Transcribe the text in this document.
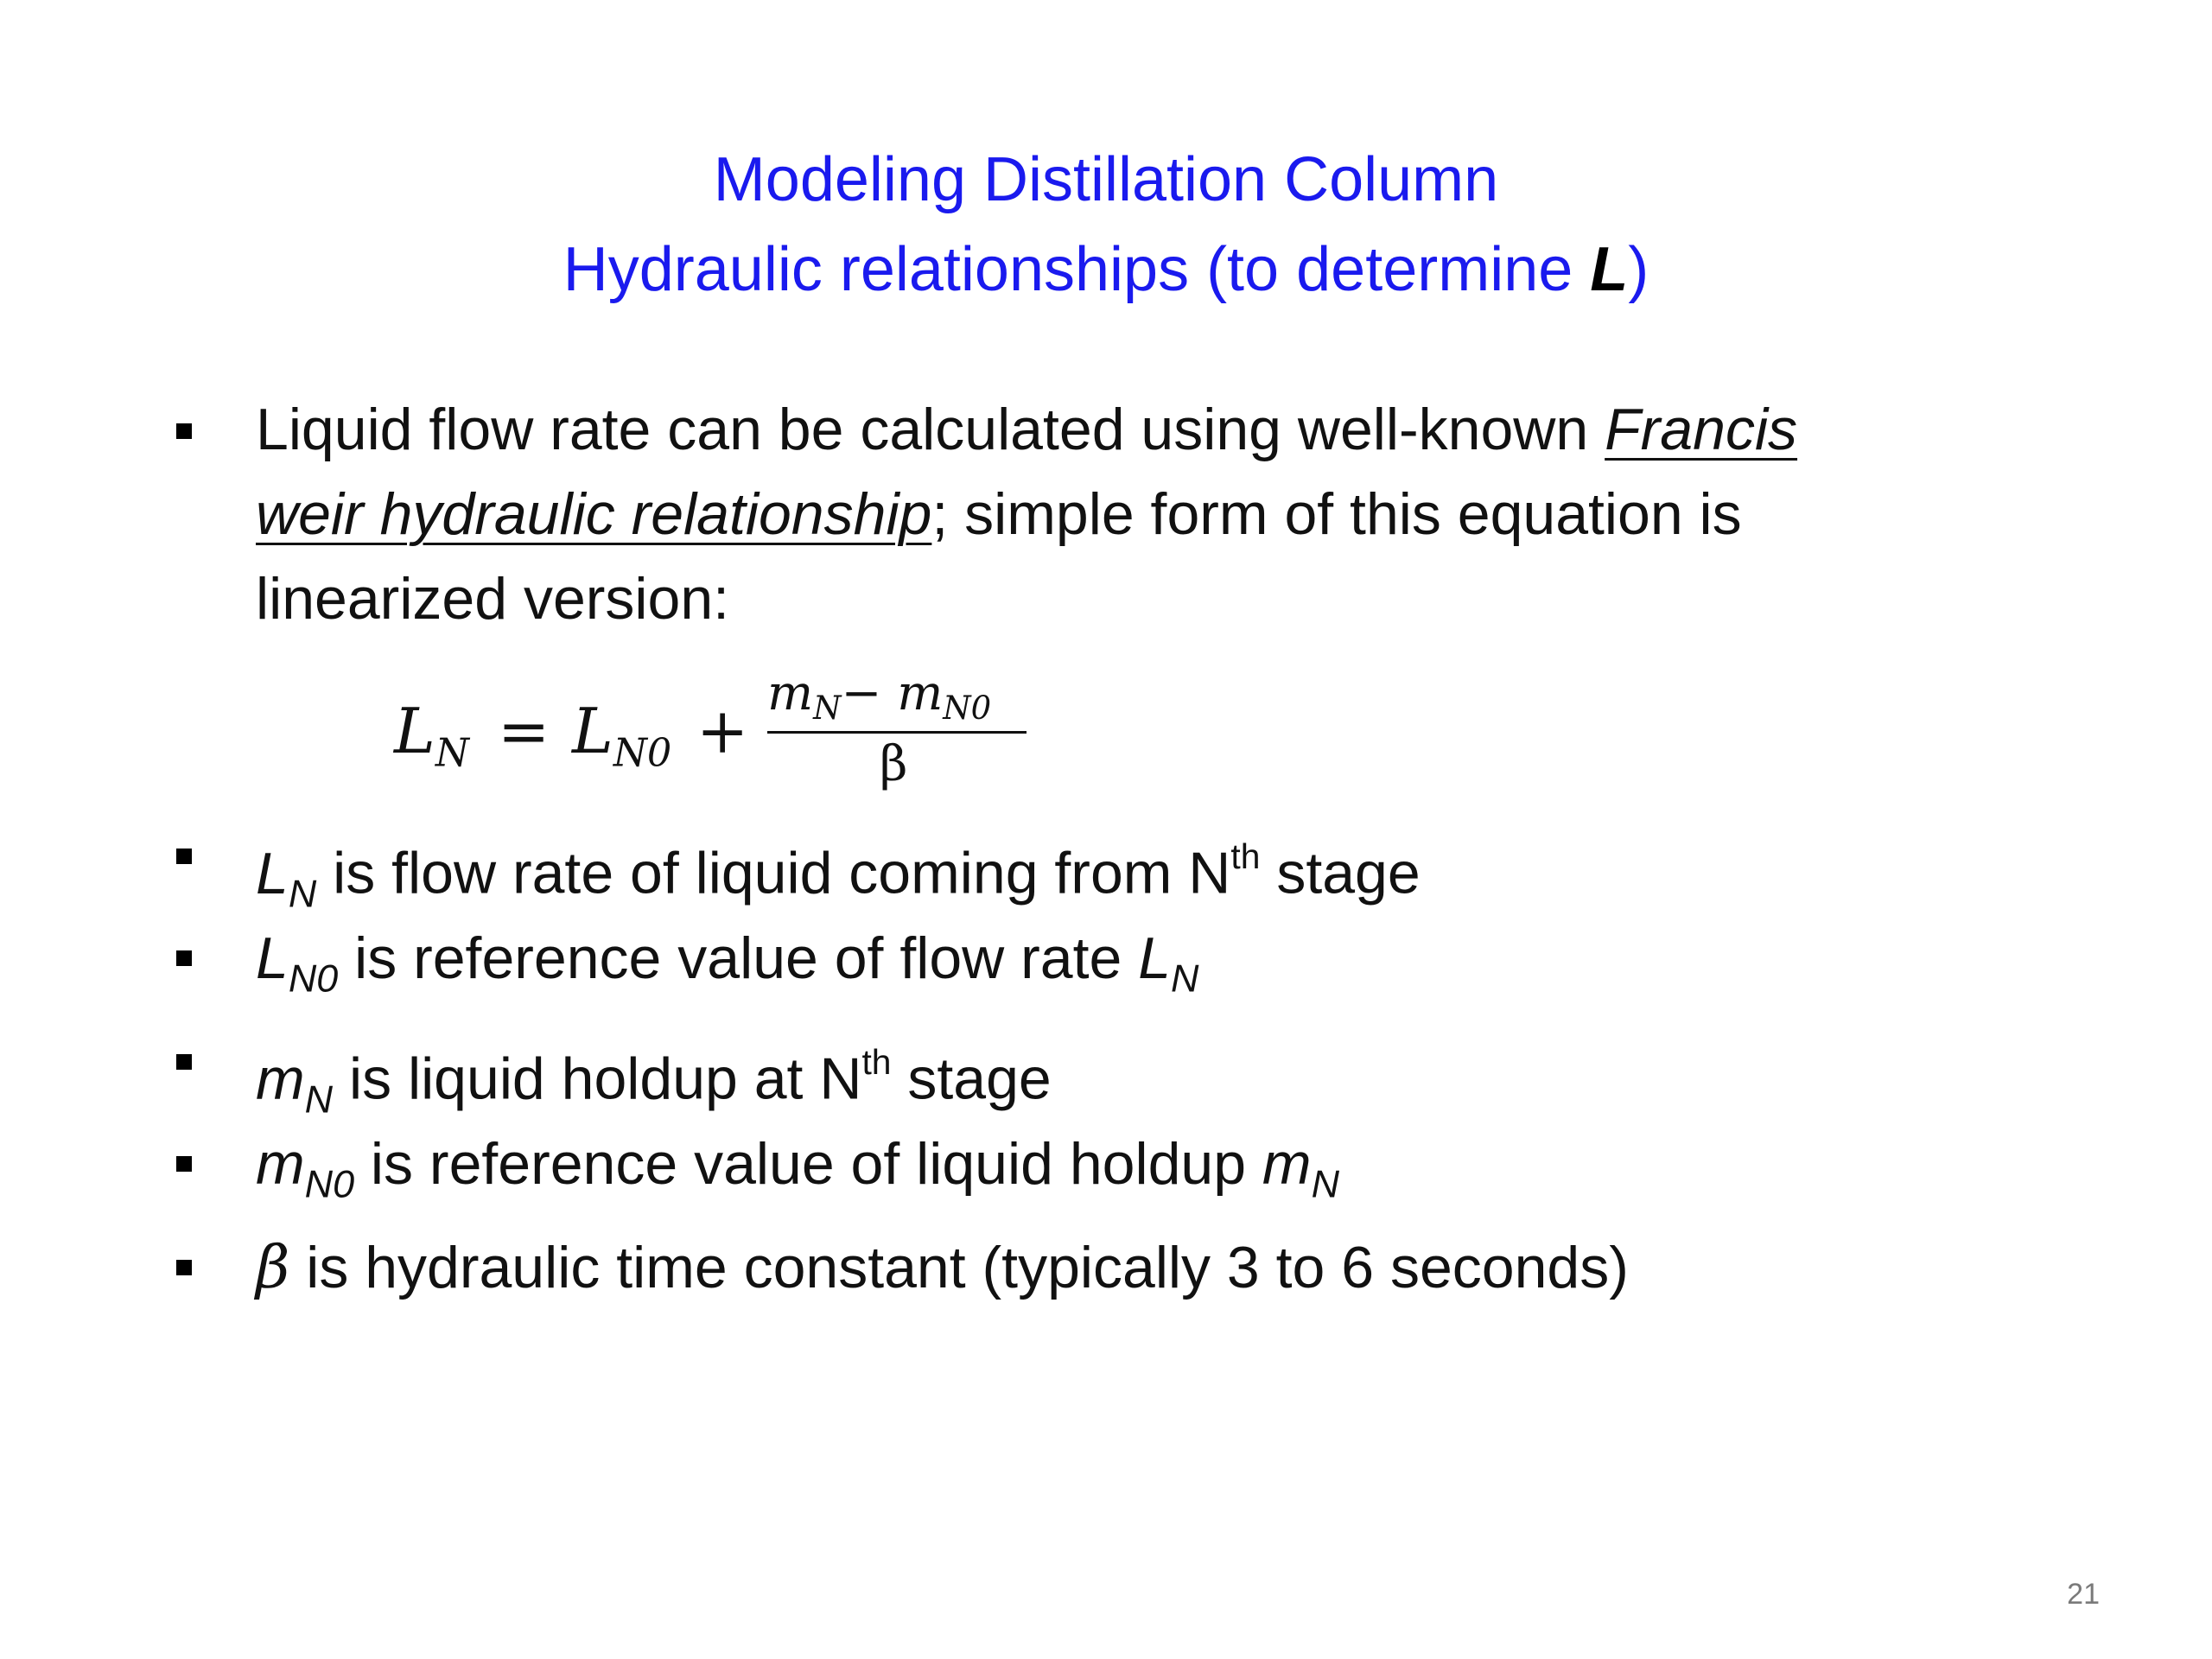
Modeling Distillation Column
Hydraulic relationships (to determine L)
Liquid flow rate can be calculated using well-known Francis
weir hydraulic relationship; simple form of this equation is
linearized version:
$L_N = L_{N0}$ +
$m_N- m_{N0}$
β
$L_N$ is flow rate of liquid coming from $N^{th}$ stage
$L_{N0}$ is reference value of flow rate $L_N$
$m_N$ is liquid holdup at $N^{th}$ stage
$m_{N0}$ is reference value of liquid holdup $m_N$
β is hydraulic time constant (typically 3 to 6 seconds)
21
